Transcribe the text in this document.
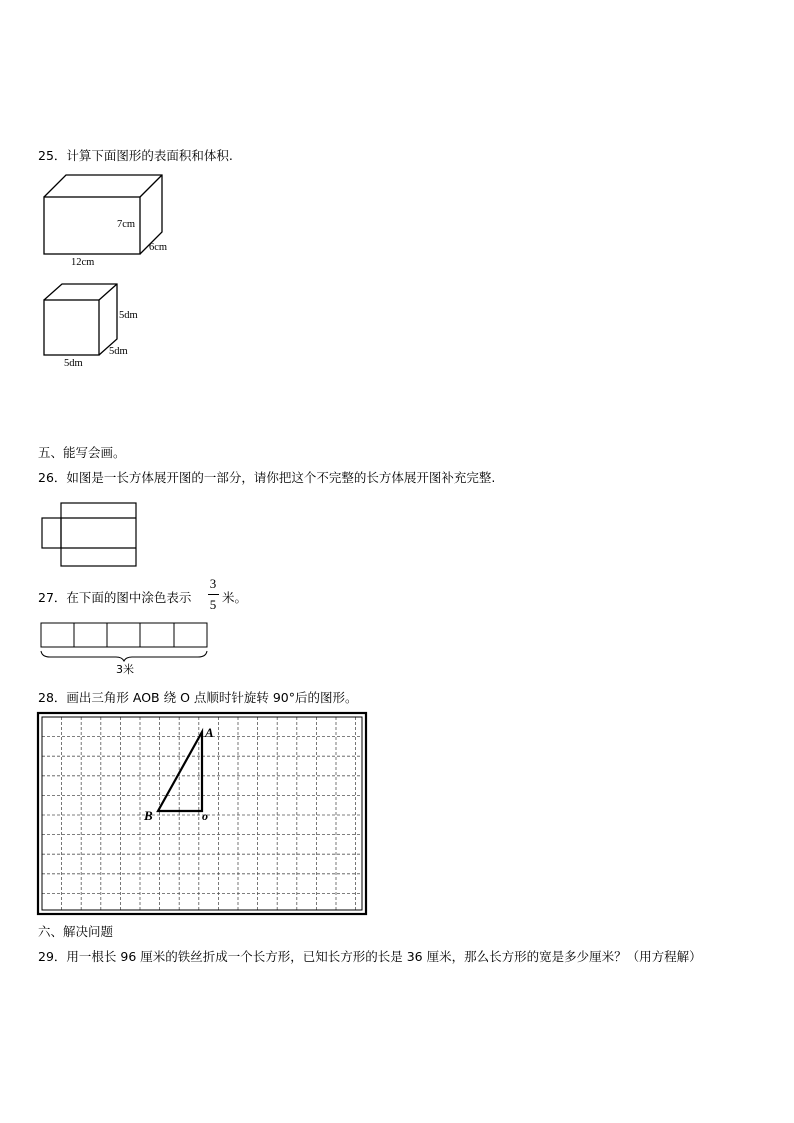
25．计算下面图形的表面积和体积.
7cm
6cm
12cm
5dm
5dm
5dm
五、能写会画。
26．如图是一长方体展开图的一部分，请你把这个不完整的长方体展开图补充完整.
27．在下面的图中涂色表示
3
5 米。
3米
28．画出三角形 AOB 绕 O 点顺时针旋转 90°后的图形。
A
B	o
六、解决问题
29．用一根长 96 厘米的铁丝折成一个长方形，已知长方形的长是 36 厘米，那么长方形的宽是多少厘米？（用方程解）
